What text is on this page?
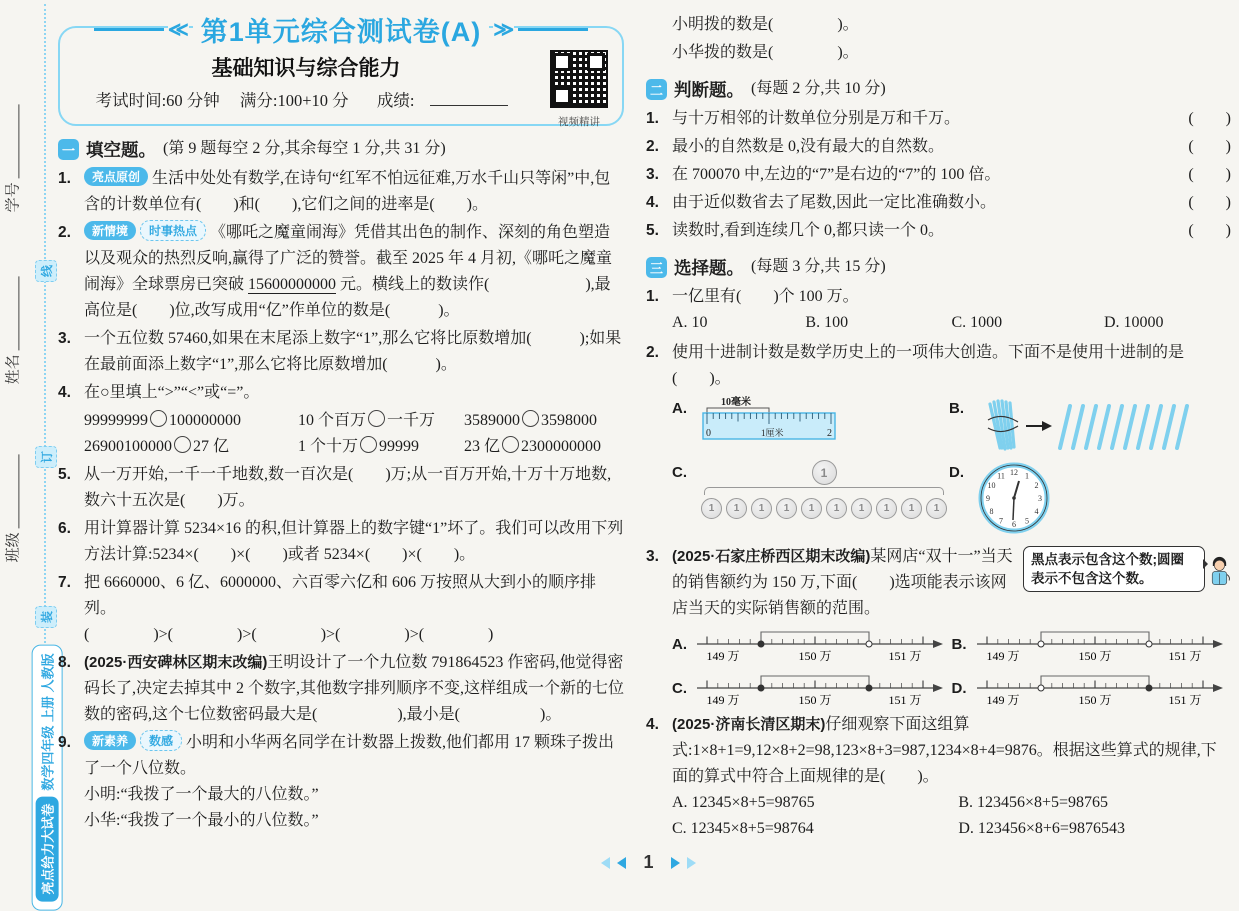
学号
姓名
班级
线
订
装
亮点给力大试卷
数学四年级 上册 人教版
≪ 第1单元综合测试卷(A) ≫
基础知识与综合能力
考试时间:60 分钟 满分:100+10 分 成绩:
视频精讲
一 填空题。 (第 9 题每空 2 分,其余每空 1 分,共 31 分)
1.	亮点原创 生活中处处有数学,在诗句“红军不怕远征难,万水千山只等闲”中,包含的计数单位有(　　)和(　　),它们之间的进率是(　　)。
2.	新情境 时事热点 《哪吒之魔童闹海》凭借其出色的制作、深刻的角色塑造以及观众的热烈反响,赢得了广泛的赞誉。截至 2025 年 4 月初,《哪吒之魔童闹海》全球票房已突破 15600000000 元。横线上的数读作(　　　　　　),最高位是(　　)位,改写成用“亿”作单位的数是(　　　)。
3. 一个五位数 57460,如果在末尾添上数字“1”,那么它将比原数增加(　　　);如果在最前面添上数字“1”,那么它将比原数增加(　　　)。
4. 在○里填上“>”“<”或“=”。
99999999 100000000	10 个百万 一千万	3589000 3598000
26900100000 27 亿	1 个十万 99999	23 亿 2300000000
5. 从一万开始,一千一千地数,数一百次是(　　)万;从一百万开始,十万十万地数,数六十五次是(　　)万。
6. 用计算器计算 5234×16 的积,但计算器上的数字键“1”坏了。我们可以改用下列方法计算:5234×(　　)×(　　)或者 5234×(　　)×(　　)。
7. 把 6660000、6 亿、6000000、六百零六亿和 606 万按照从大到小的顺序排列。
(　　　　)>(　　　　)>(　　　　)>(　　　　)>(　　　　)
8. (2025·西安碑林区期末改编)王明设计了一个九位数 791864523 作密码,他觉得密码长了,决定去掉其中 2 个数字,其他数字排列顺序不变,这样组成一个新的七位数的密码,这个七位数密码最大是(　　　　　),最小是(　　　　　)。
9.	新素养 数感 小明和小华两名同学在计数器上拨数,他们都用 17 颗珠子拨出了一个八位数。
小明:“我拨了一个最大的八位数。”
小华:“我拨了一个最小的八位数。”
小明拨的数是(　　　　)。
小华拨的数是(　　　　)。
二 判断题。 (每题 2 分,共 10 分)
1. 与十万相邻的计数单位分别是万和千万。	(　　)
2. 最小的自然数是 0,没有最大的自然数。	(　　)
3. 在 700070 中,左边的“7”是右边的“7”的 100 倍。	(　　)
4. 由于近似数省去了尾数,因此一定比准确数小。	(　　)
5. 读数时,看到连续几个 0,都只读一个 0。	(　　)
三 选择题。 (每题 3 分,共 15 分)
1. 一亿里有(　　)个 100 万。
A. 10	B. 100	C. 1000	D. 10000
2. 使用十进制计数是数学历史上的一项伟大创造。下面不是使用十进制的是(　　)。
A.	10毫米
0	1厘米	2
B.
C.	1
1	1	1	1	1	1	1	1	1	1
D.	1
2
3
4
5
6
7
8
9
10
11 12
3.	黑点表示包含这个数;圆圈表示不包含这个数。
(2025·石家庄桥西区期末改编)某网店“双十一”当天的销售额约为 150 万,下面(　　)选项能表示该网店当天的实际销售额的范围。
A.
149 万	150 万	151 万
B.
149 万	150 万	151 万
C.
149 万	150 万	151 万
D.
149 万	150 万	151 万
4. (2025·济南长清区期末)仔细观察下面这组算式:1×8+1=9,12×8+2=98,123×8+3=987,1234×8+4=9876。根据这些算式的规律,下面的算式中符合上面规律的是(　　)。
A. 12345×8+5=98765	B. 123456×8+5=98765
C. 12345×8+5=98764	D. 123456×8+6=9876543
1
